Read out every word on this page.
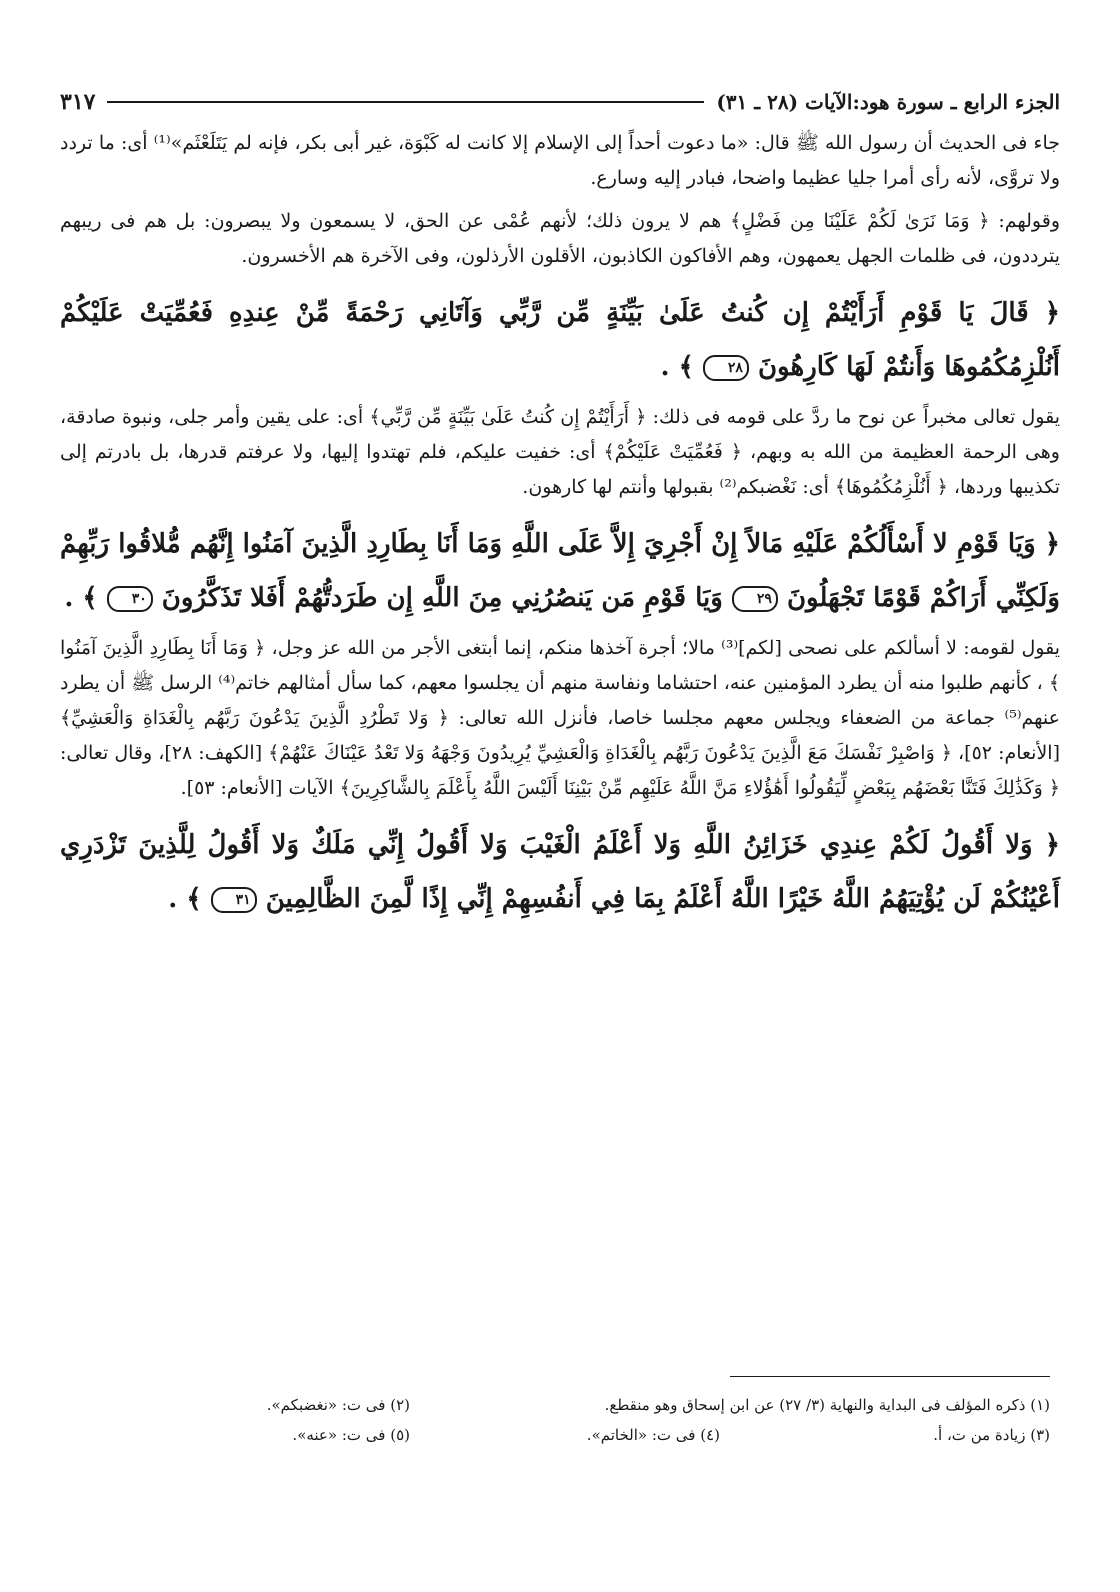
الجزء الرابع ـ سورة هود:الآيات (٢٨ ـ ٣١)
٣١٧

جاء فى الحديث أن رسول الله ﷺ قال: «ما دعوت أحداً إلى الإسلام إلا كانت له كَبْوَة، غير أبى بكر، فإنه لم يَتَلَعْثَم»⁽¹⁾ أى: ما تردد ولا تروَّى، لأنه رأى أمرا جليا عظيما واضحا، فبادر إليه وسارع.

وقولهم: ﴿ وَمَا نَرَىٰ لَكُمْ عَلَيْنَا مِن فَضْلٍ﴾ هم لا يرون ذلك؛ لأنهم عُمْى عن الحق، لا يسمعون ولا يبصرون: بل هم فى ريبهم يترددون، فى ظلمات الجهل يعمهون، وهم الأفاكون الكاذبون، الأقلون الأرذلون، وفى الآخرة هم الأخسرون.

﴿ قَالَ يَا قَوْمِ أَرَأَيْتُمْ إِن كُنتُ عَلَىٰ بَيِّنَةٍ مِّن رَّبِّي وَآتَانِي رَحْمَةً مِّنْ عِندِهِ فَعُمِّيَتْ عَلَيْكُمْ أَنُلْزِمُكُمُوهَا وَأَنتُمْ لَهَا كَارِهُونَ ٢٨ ﴾ .

يقول تعالى مخبراً عن نوح ما ردَّ على قومه فى ذلك: ﴿ أَرَأَيْتُمْ إِن كُنتُ عَلَىٰ بَيِّنَةٍ مِّن رَّبِّي﴾ أى: على يقين وأمر جلى، ونبوة صادقة، وهى الرحمة العظيمة من الله به وبهم، ﴿ فَعُمِّيَتْ عَلَيْكُمْ﴾ أى: خفيت عليكم، فلم تهتدوا إليها، ولا عرفتم قدرها، بل بادرتم إلى تكذيبها وردها، ﴿ أَنُلْزِمُكُمُوهَا﴾ أى: نَغْضبكم⁽²⁾ بقبولها وأنتم لها كارهون.

﴿ وَيَا قَوْمِ لا أَسْأَلُكُمْ عَلَيْهِ مَالاً إِنْ أَجْرِيَ إِلاَّ عَلَى اللَّهِ وَمَا أَنَا بِطَارِدِ الَّذِينَ آمَنُوا إِنَّهُم مُّلاقُوا رَبِّهِمْ وَلَكِنِّي أَرَاكُمْ قَوْمًا تَجْهَلُونَ ٢٩ وَيَا قَوْمِ مَن يَنصُرُنِي مِنَ اللَّهِ إِن طَرَدتُّهُمْ أَفَلا تَذَكَّرُونَ ٣٠ ﴾ .

يقول لقومه: لا أسألكم على نصحى [لكم]⁽³⁾ مالا؛ أجرة آخذها منكم، إنما أبتغى الأجر من الله عز وجل، ﴿ وَمَا أَنَا بِطَارِدِ الَّذِينَ آمَنُوا ﴾ ، كأنهم طلبوا منه أن يطرد المؤمنين عنه، احتشاما ونفاسة منهم أن يجلسوا معهم، كما سأل أمثالهم خاتم⁽⁴⁾ الرسل ﷺ أن يطرد عنهم⁽⁵⁾ جماعة من الضعفاء ويجلس معهم مجلسا خاصا، فأنزل الله تعالى: ﴿ وَلا تَطْرُدِ الَّذِينَ يَدْعُونَ رَبَّهُم بِالْغَدَاةِ وَالْعَشِيِّ﴾ [الأنعام: ٥٢]، ﴿ وَاصْبِرْ نَفْسَكَ مَعَ الَّذِينَ يَدْعُونَ رَبَّهُم بِالْغَدَاةِ وَالْعَشِيِّ يُرِيدُونَ وَجْهَهُ وَلا تَعْدُ عَيْنَاكَ عَنْهُمْ﴾ [الكهف: ٢٨]، وقال تعالى: ﴿ وَكَذَٰلِكَ فَتَنَّا بَعْضَهُم بِبَعْضٍ لِّيَقُولُوا أَهَٰؤُلاءِ مَنَّ اللَّهُ عَلَيْهِم مِّنْ بَيْنِنَا أَلَيْسَ اللَّهُ بِأَعْلَمَ بِالشَّاكِرِينَ﴾ الآيات [الأنعام: ٥٣].

﴿ وَلا أَقُولُ لَكُمْ عِندِي خَزَائِنُ اللَّهِ وَلا أَعْلَمُ الْغَيْبَ وَلا أَقُولُ إِنِّي مَلَكٌ وَلا أَقُولُ لِلَّذِينَ تَزْدَرِي أَعْيُنُكُمْ لَن يُؤْتِيَهُمُ اللَّهُ خَيْرًا اللَّهُ أَعْلَمُ بِمَا فِي أَنفُسِهِمْ إِنِّي إِذًا لَّمِنَ الظَّالِمِينَ ٣١ ﴾ .
(١) ذكره المؤلف فى البداية والنهاية (٣/ ٢٧) عن ابن إسحاق وهو منقطع.
(٢) فى ت: «نغضبكم».
(٣) زيادة من ت، أ.
(٤) فى ت: «الخاتم».
(٥) فى ت: «عنه».
